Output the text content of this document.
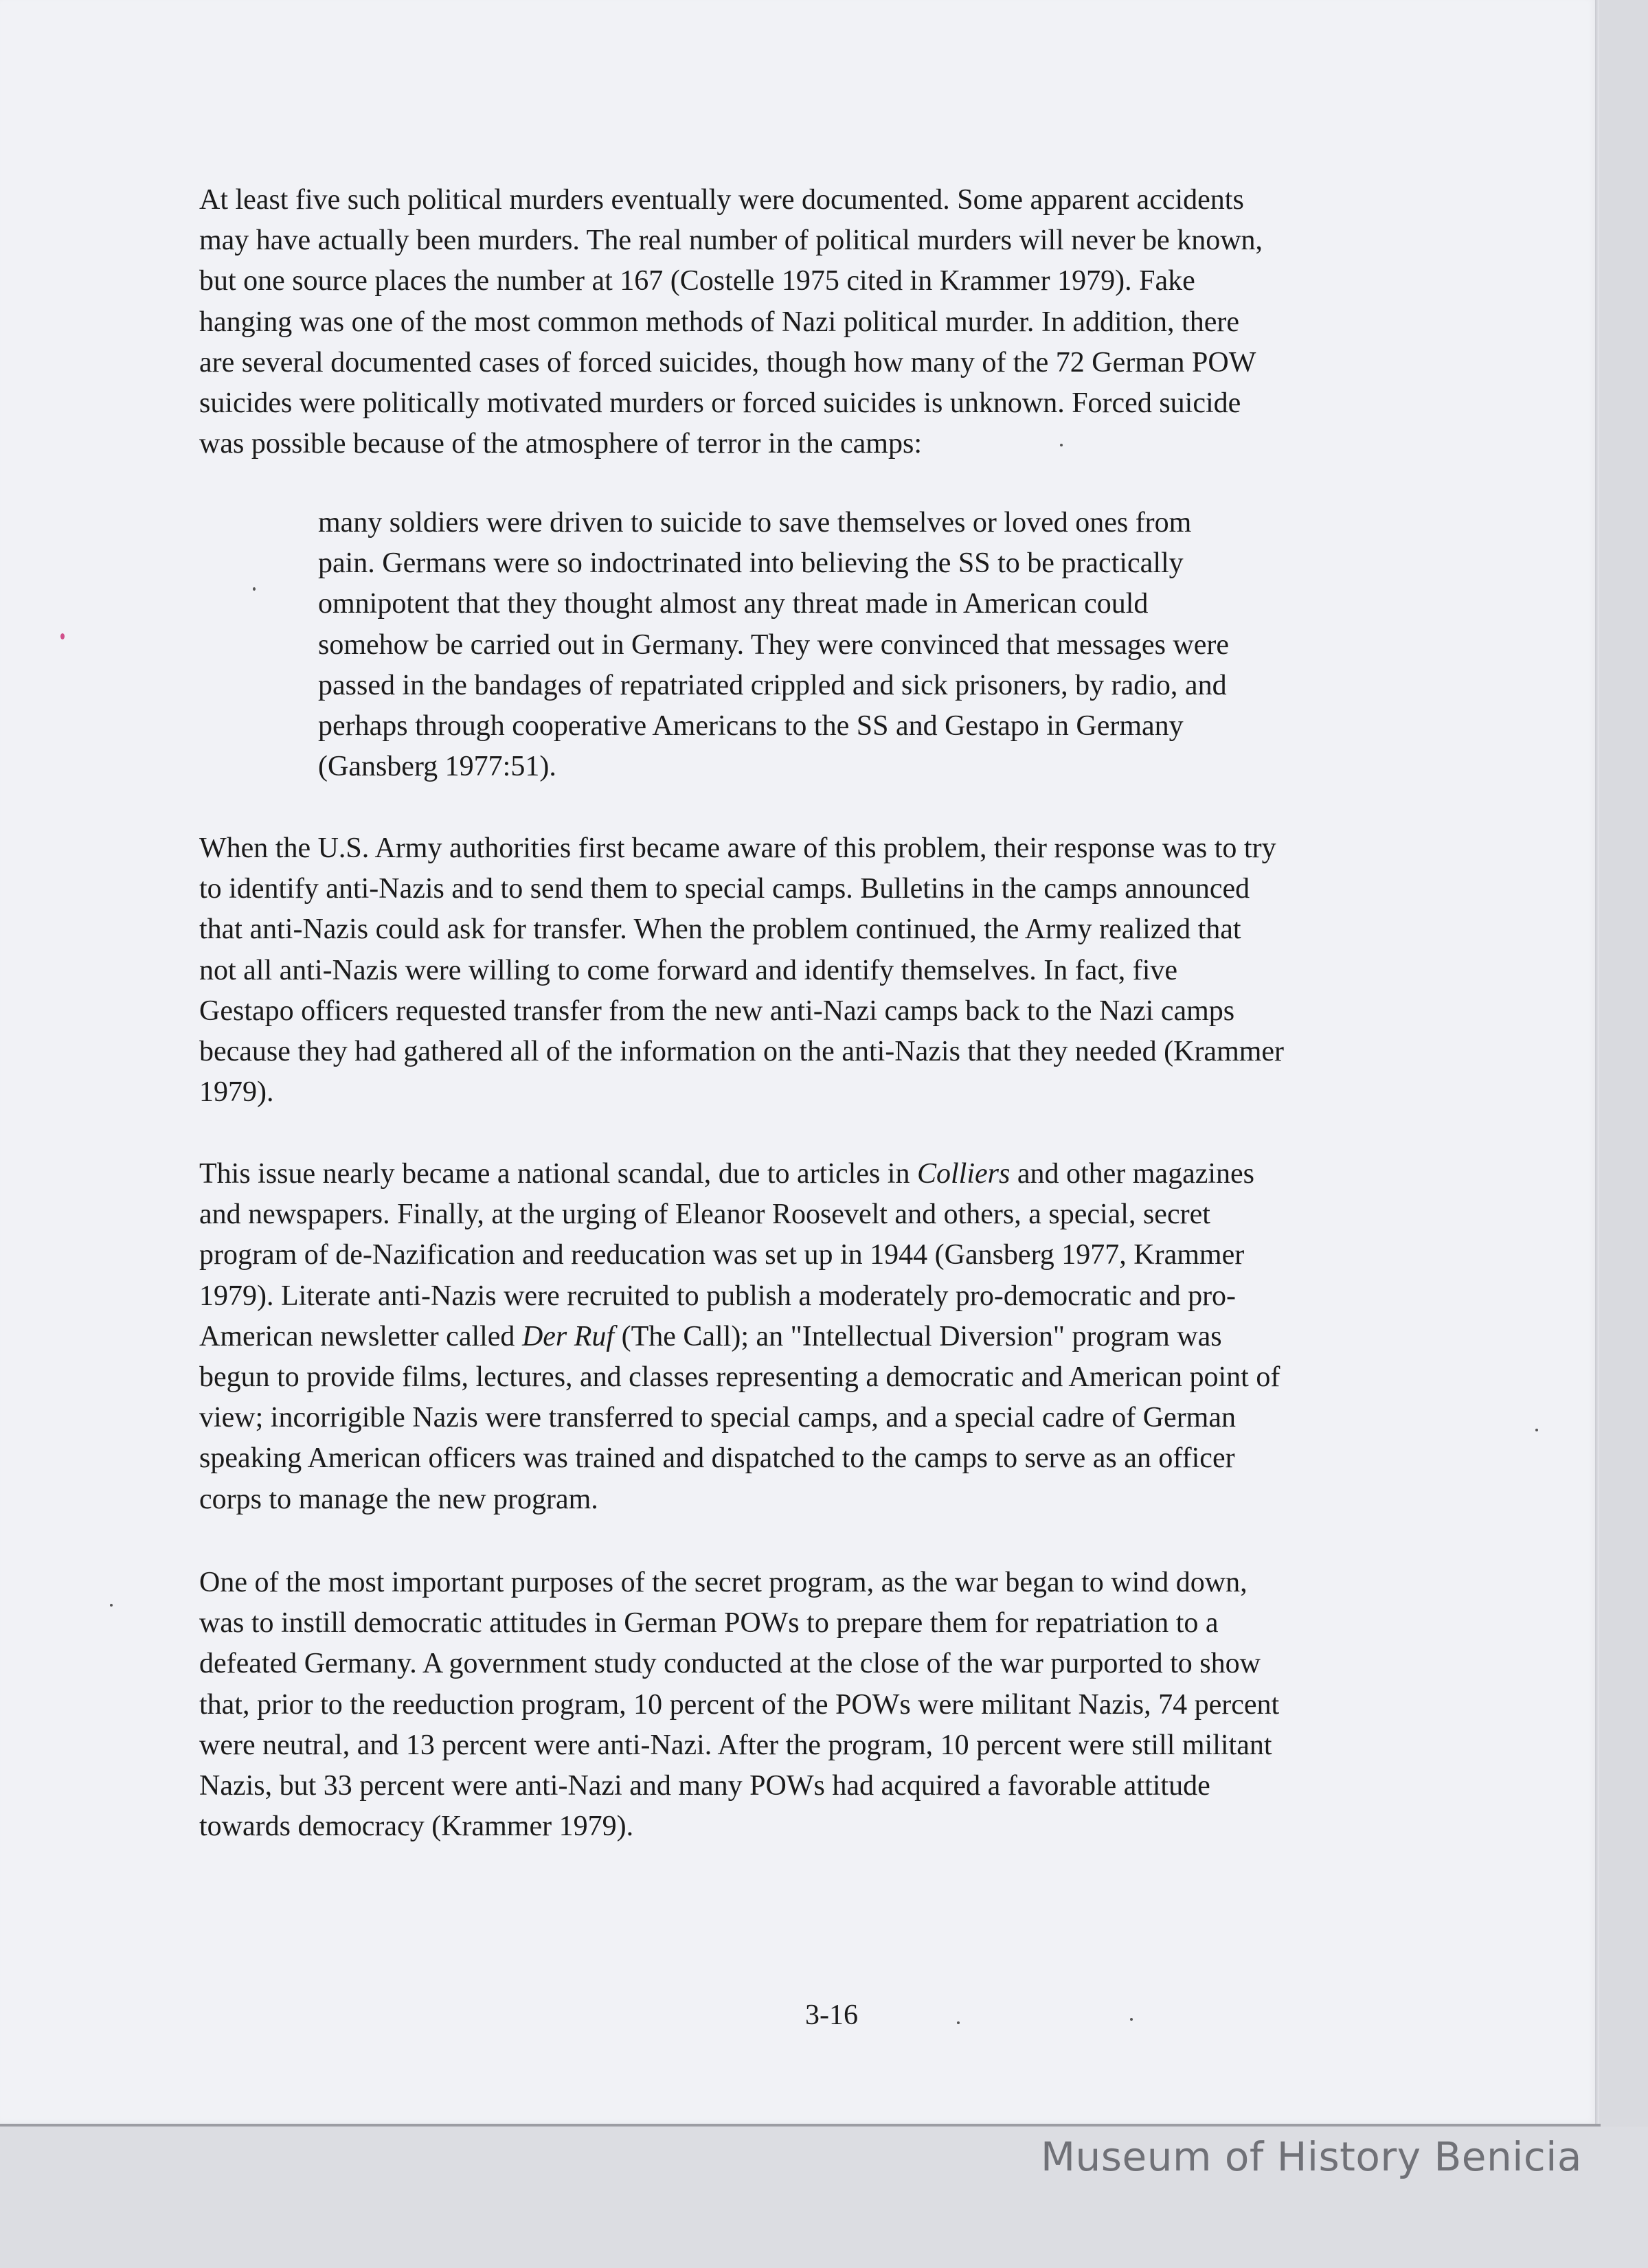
At least five such political murders eventually were documented. Some apparent accidents
may have actually been murders. The real number of political murders will never be known,
but one source places the number at 167 (Costelle 1975 cited in Krammer 1979). Fake
hanging was one of the most common methods of Nazi political murder. In addition, there
are several documented cases of forced suicides, though how many of the 72 German POW
suicides were politically motivated murders or forced suicides is unknown. Forced suicide
was possible because of the atmosphere of terror in the camps:
many soldiers were driven to suicide to save themselves or loved ones from
pain. Germans were so indoctrinated into believing the SS to be practically
omnipotent that they thought almost any threat made in American could
somehow be carried out in Germany. They were convinced that messages were
passed in the bandages of repatriated crippled and sick prisoners, by radio, and
perhaps through cooperative Americans to the SS and Gestapo in Germany
(Gansberg 1977:51).
When the U.S. Army authorities first became aware of this problem, their response was to try
to identify anti-Nazis and to send them to special camps. Bulletins in the camps announced
that anti-Nazis could ask for transfer. When the problem continued, the Army realized that
not all anti-Nazis were willing to come forward and identify themselves. In fact, five
Gestapo officers requested transfer from the new anti-Nazi camps back to the Nazi camps
because they had gathered all of the information on the anti-Nazis that they needed (Krammer
1979).
This issue nearly became a national scandal, due to articles in Colliers and other magazines
and newspapers. Finally, at the urging of Eleanor Roosevelt and others, a special, secret
program of de-Nazification and reeducation was set up in 1944 (Gansberg 1977, Krammer
1979). Literate anti-Nazis were recruited to publish a moderately pro-democratic and pro-
American newsletter called Der Ruf (The Call); an "Intellectual Diversion" program was
begun to provide films, lectures, and classes representing a democratic and American point of
view; incorrigible Nazis were transferred to special camps, and a special cadre of German
speaking American officers was trained and dispatched to the camps to serve as an officer
corps to manage the new program.
One of the most important purposes of the secret program, as the war began to wind down,
was to instill democratic attitudes in German POWs to prepare them for repatriation to a
defeated Germany. A government study conducted at the close of the war purported to show
that, prior to the reeduction program, 10 percent of the POWs were militant Nazis, 74 percent
were neutral, and 13 percent were anti-Nazi. After the program, 10 percent were still militant
Nazis, but 33 percent were anti-Nazi and many POWs had acquired a favorable attitude
towards democracy (Krammer 1979).
3-16
Museum of History Benicia
